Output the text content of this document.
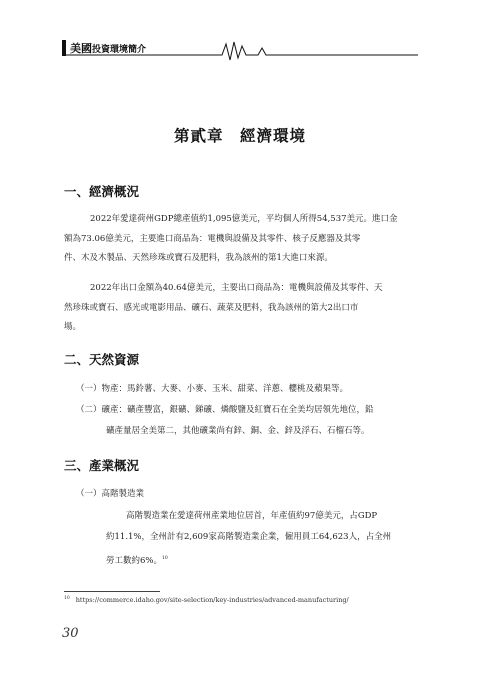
美國投資環境簡介
第貳章　經濟環境
一、經濟概況
2022年愛達荷州GDP總產值約1,095億美元，平均個人所得54,537美元。進口金
額為73.06億美元，主要進口商品為：電機與設備及其零件、核子反應器及其零
件、木及木製品、天然珍珠或寶石及肥料，我為該州的第1大進口來源。
2022年出口金額為40.64億美元，主要出口商品為：電機與設備及其零件、天
然珍珠或寶石、感光或電影用品、礦石、蔬菜及肥料，我為該州的第大2出口市
場。
二、天然資源
（一）物產：馬鈴薯、大麥、小麥、玉米、甜菜、洋蔥、櫻桃及蘋果等。
（二）礦產：礦產豐富，銀礦、銻礦、燐酸鹽及紅寶石在全美均居領先地位，鉛
礦產量居全美第二，其他礦業尚有鋅、銅、金、鋅及浮石、石榴石等。
三、產業概況
（一）高階製造業
高階製造業在愛達荷州產業地位居首，年產值約97億美元，占GDP
約11.1%，全州計有2,609家高階製造業企業，僱用員工64,623人，占全州
勞工數約6%。$^{10}$
$^{10}$ https://commerce.idaho.gov/site-selection/key-industries/advanced-manufacturing/
30
